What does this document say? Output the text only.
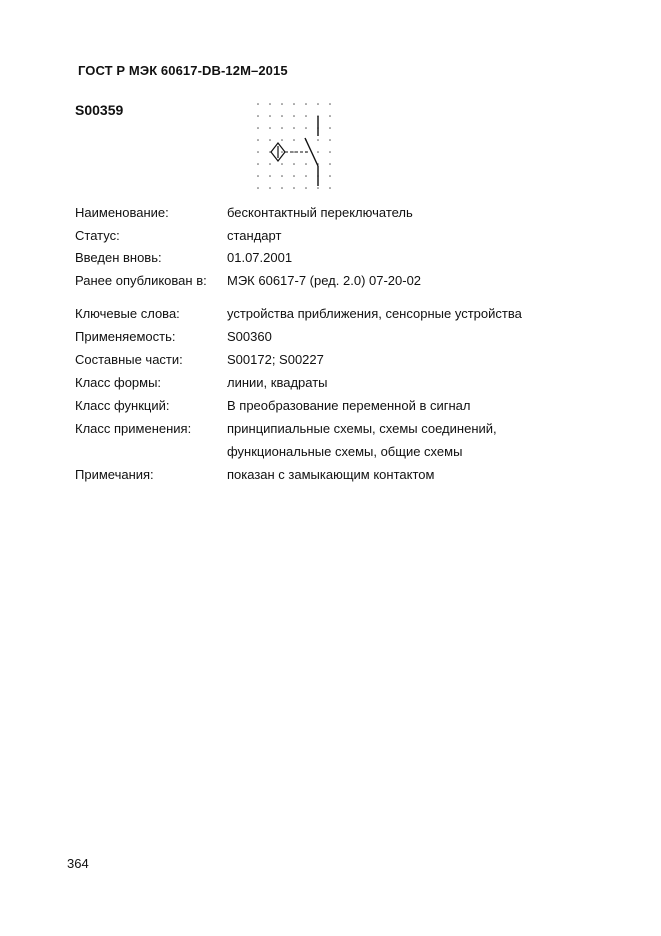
ГОСТ Р МЭК 60617-DB-12M–2015
S00359
Наименование:	бесконтактный переключатель
Статус:	стандарт
Введен вновь:	01.07.2001
Ранее опубликован в: МЭК 60617-7 (ред. 2.0) 07-20-02
Ключевые слова:	устройства приближения, сенсорные устройства
Применяемость:	S00360
Составные части:	S00172; S00227
Класс формы:	линии, квадраты
Класс функций:	В преобразование переменной в сигнал
Класс применения:	принципиальные схемы, схемы соединений,
функциональные схемы, общие схемы
Примечания:	показан с замыкающим контактом
364
